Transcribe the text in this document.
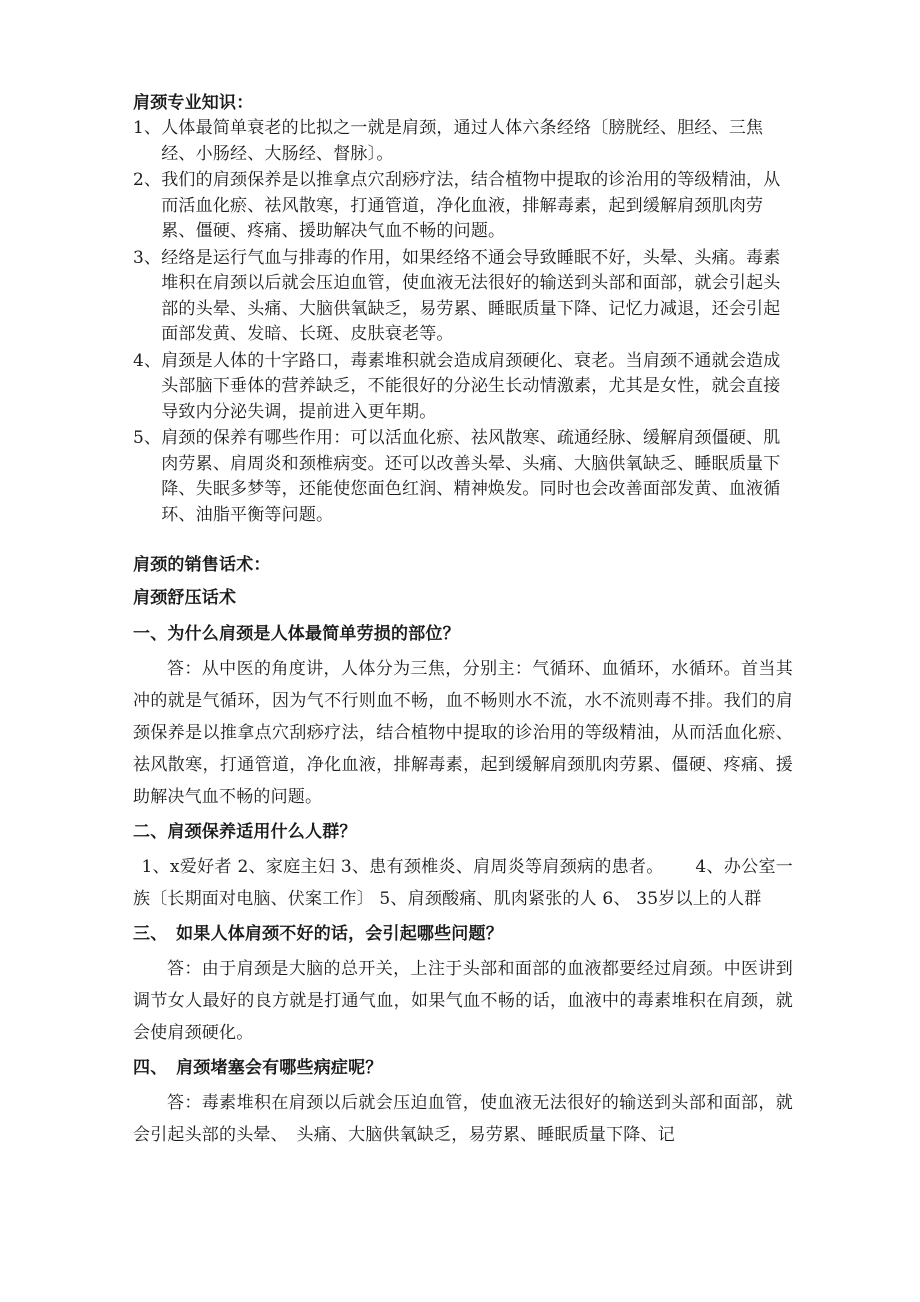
肩颈专业知识：

1、 人体最简单衰老的比拟之一就是肩颈，通过人体六条经络〔膀胱经、胆经、三焦经、小肠经、大肠经、督脉〕。
2、 我们的肩颈保养是以推拿点穴刮痧疗法，结合植物中提取的诊治用的等级精油，从而活血化瘀、祛风散寒，打通管道，净化血液，排解毒素，起到缓解肩颈肌肉劳累、僵硬、疼痛、援助解决气血不畅的问题。
3、 经络是运行气血与排毒的作用，如果经络不通会导致睡眠不好，头晕、头痛。毒素堆积在肩颈以后就会压迫血管，使血液无法很好的输送到头部和面部，就会引起头部的头晕、头痛、大脑供氧缺乏，易劳累、睡眠质量下降、记忆力减退，还会引起面部发黄、发暗、长斑、皮肤衰老等。
4、 肩颈是人体的十字路口，毒素堆积就会造成肩颈硬化、衰老。当肩颈不通就会造成头部脑下垂体的营养缺乏，不能很好的分泌生长动情激素，尤其是女性，就会直接导致内分泌失调，提前进入更年期。
5、 肩颈的保养有哪些作用：可以活血化瘀、祛风散寒、疏通经脉、缓解肩颈僵硬、肌肉劳累、肩周炎和颈椎病变。还可以改善头晕、头痛、大脑供氧缺乏、睡眠质量下降、失眠多梦等，还能使您面色红润、精神焕发。同时也会改善面部发黄、血液循环、油脂平衡等问题。

肩颈的销售话术：

肩颈舒压话术

一、为什么肩颈是人体最简单劳损的部位？

答：从中医的角度讲，人体分为三焦，分别主：气循环、血循环，水循环。首当其冲的就是气循环，因为气不行则血不畅，血不畅则水不流，水不流则毒不排。我们的肩颈保养是以推拿点穴刮痧疗法，结合植物中提取的诊治用的等级精油，从而活血化瘀、祛风散寒，打通管道，净化血液，排解毒素，起到缓解肩颈肌肉劳累、僵硬、疼痛、援助解决气血不畅的问题。

二、肩颈保养适用什么人群？

1、x爱好者 2、家庭主妇 3、患有颈椎炎、肩周炎等肩颈病的患者。　　 4、办公室一族〔长期面对电脑、伏案工作〕 5、肩颈酸痛、肌肉紧张的人 6、 35岁以上的人群

三、　如果人体肩颈不好的话，会引起哪些问题？

答：由于肩颈是大脑的总开关，上注于头部和面部的血液都要经过肩颈。中医讲到调节女人最好的良方就是打通气血，如果气血不畅的话，血液中的毒素堆积在肩颈，就会使肩颈硬化。

四、　肩颈堵塞会有哪些病症呢？

答：毒素堆积在肩颈以后就会压迫血管，使血液无法很好的输送到头部和面部，就会引起头部的头晕、　头痛、大脑供氧缺乏，易劳累、睡眠质量下降、记
